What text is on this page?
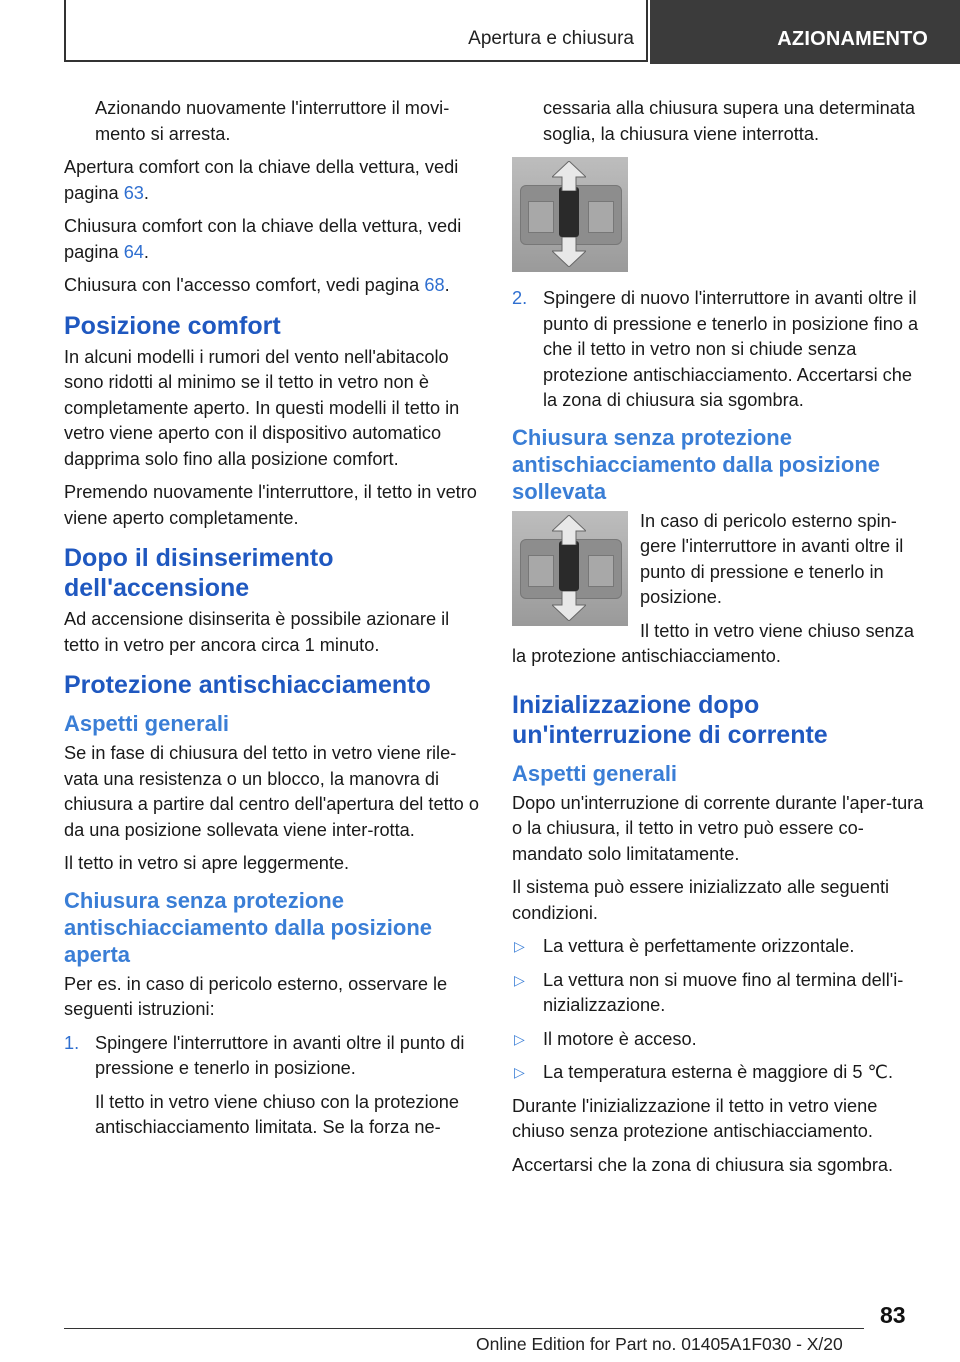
Apertura e chiusura	AZIONAMENTO

Azionando nuovamente l'interruttore il movi-mento si arresta.

Apertura comfort con la chiave della vettura, vedi pagina 63.

Chiusura comfort con la chiave della vettura, vedi pagina 64.

Chiusura con l'accesso comfort, vedi pagina 68.

Posizione comfort

In alcuni modelli i rumori del vento nell'abitacolo sono ridotti al minimo se il tetto in vetro non è completamente aperto. In questi modelli il tetto in vetro viene aperto con il dispositivo automatico dapprima solo fino alla posizione comfort.

Premendo nuovamente l'interruttore, il tetto in vetro viene aperto completamente.

Dopo il disinserimento dell'accensione

Ad accensione disinserita è possibile azionare il tetto in vetro per ancora circa 1 minuto.

Protezione antischiacciamento
Aspetti generali

Se in fase di chiusura del tetto in vetro viene rile-vata una resistenza o un blocco, la manovra di chiusura a partire dal centro dell'apertura del tetto o da una posizione sollevata viene inter-rotta.

Il tetto in vetro si apre leggermente.

Chiusura senza protezione antischiacciamento dalla posizione aperta

Per es. in caso di pericolo esterno, osservare le seguenti istruzioni:

1. Spingere l'interruttore in avanti oltre il punto di pressione e tenerlo in posizione.
Il tetto in vetro viene chiuso con la protezione antischiacciamento limitata. Se la forza ne-

cessaria alla chiusura supera una determinata soglia, la chiusura viene interrotta.

2. Spingere di nuovo l'interruttore in avanti oltre il punto di pressione e tenerlo in posizione fino a che il tetto in vetro non si chiude senza protezione antischiacciamento. Accertarsi che la zona di chiusura sia sgombra.
Chiusura senza protezione antischiacciamento dalla posizione sollevata

In caso di pericolo esterno spin-gere l'interruttore in avanti oltre il punto di pressione e tenerlo in posizione.

Il tetto in vetro viene chiuso senza la protezione antischiacciamento.

Inizializzazione dopo un'interruzione di corrente
Aspetti generali

Dopo un'interruzione di corrente durante l'aper-tura o la chiusura, il tetto in vetro può essere co-mandato solo limitatamente.

Il sistema può essere inizializzato alle seguenti condizioni.

▷ La vettura è perfettamente orizzontale.
▷ La vettura non si muove fino al termina dell'i-nizializzazione.
▷ Il motore è acceso.
▷ La temperatura esterna è maggiore di 5 ℃.

Durante l'inizializzazione il tetto in vetro viene chiuso senza protezione antischiacciamento.

Accertarsi che la zona di chiusura sia sgombra.

83
Online Edition for Part no. 01405A1F030 - X/20
